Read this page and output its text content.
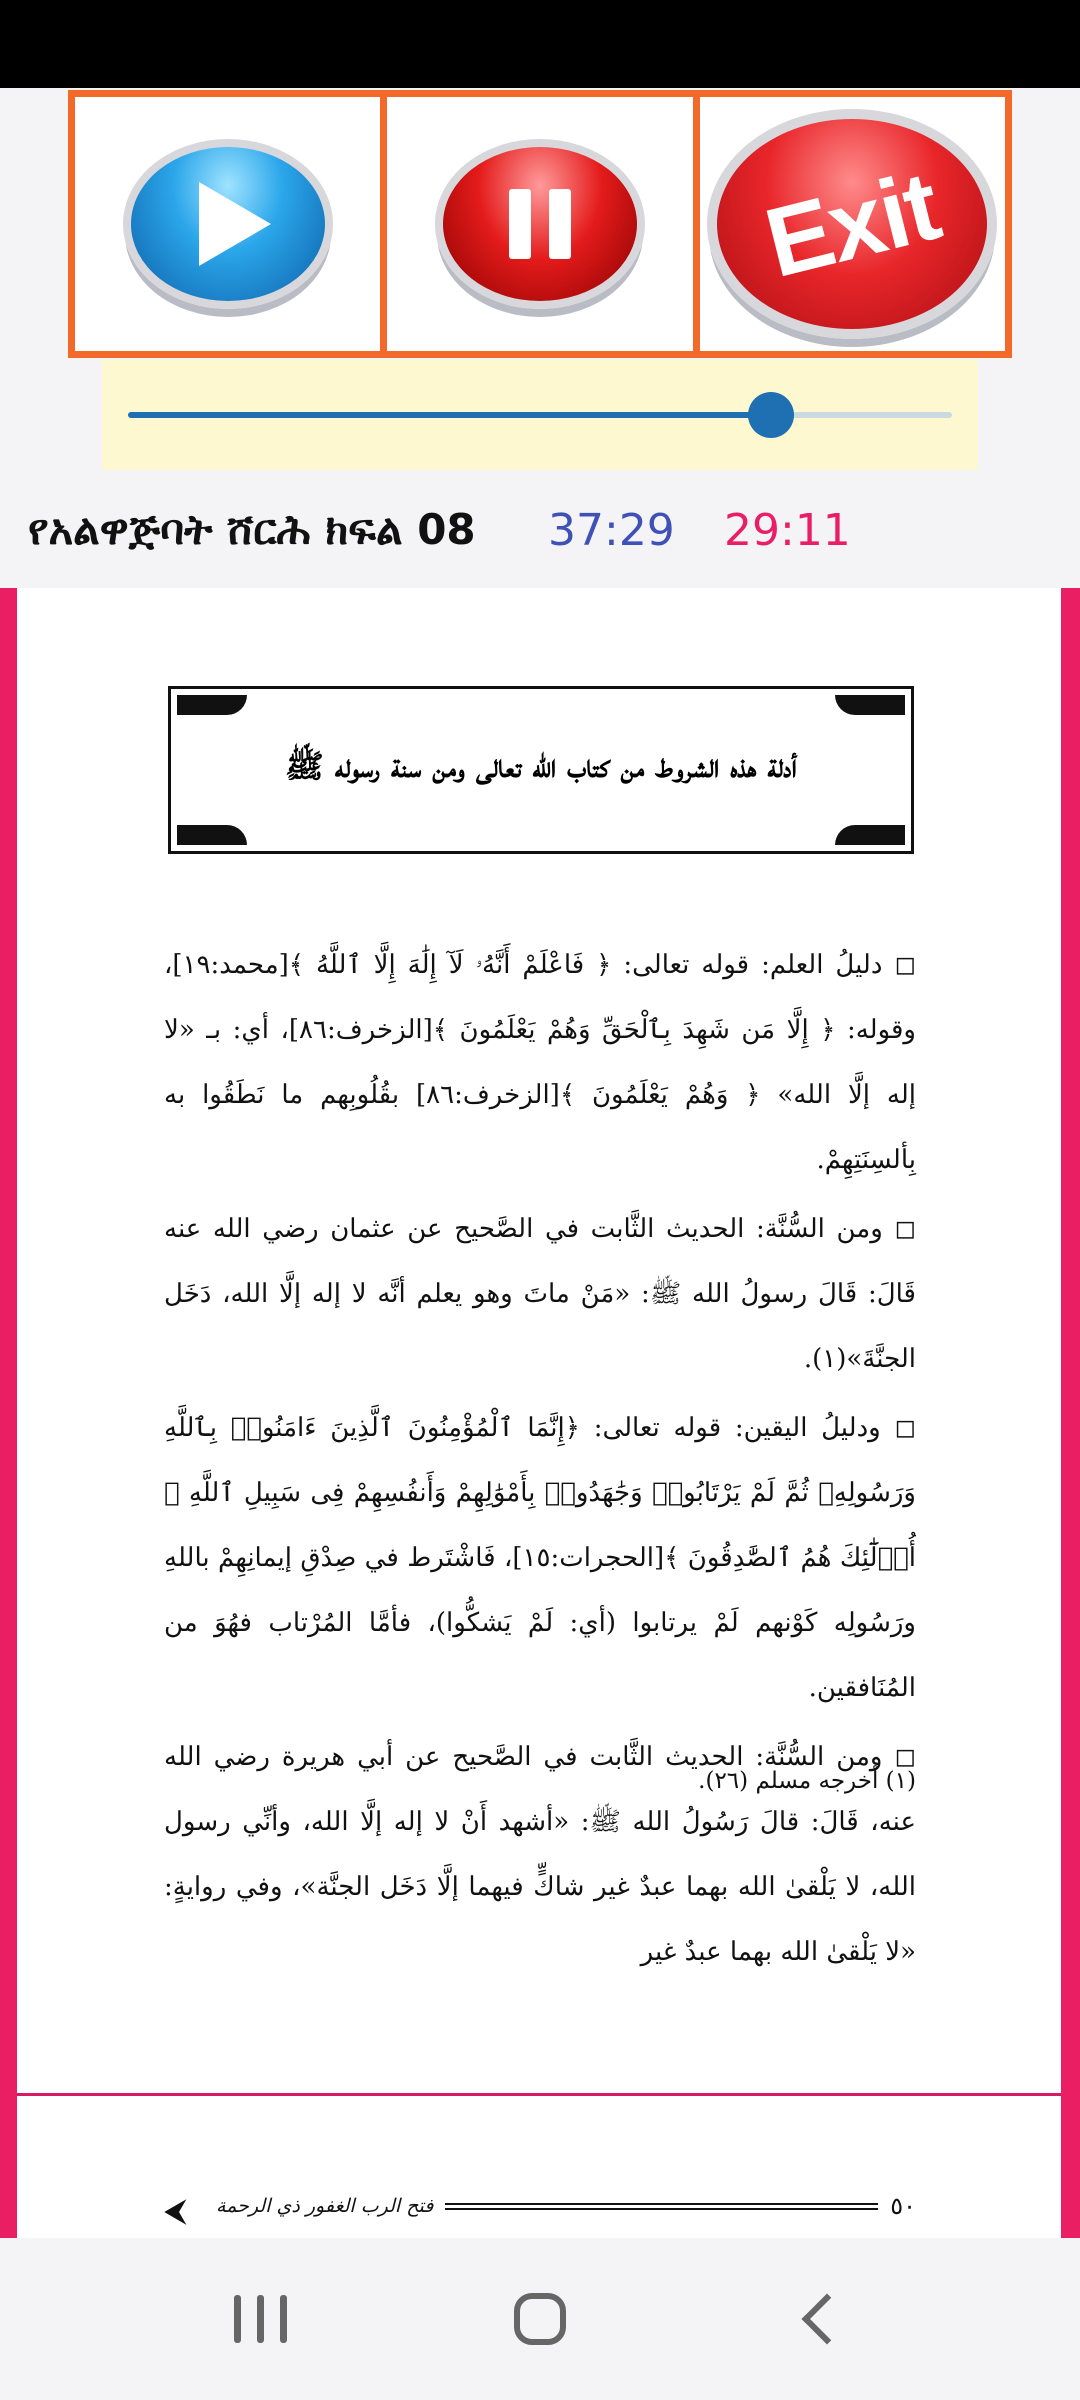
Exit
የአልዋጅባት ሸርሕ ክፍል 08 37:29 29:11
أدلة هذه الشروط من كتاب الله تعالى ومن سنة رسوله ﷺ

◻ دليلُ العلم: قوله تعالى: ﴿ فَاعْلَمْ أَنَّهُۥ لَآ إِلَٰهَ إِلَّا ٱللَّهُ ﴾[محمد:١٩]، وقوله: ﴿ إِلَّا مَن شَهِدَ بِٱلْحَقِّ وَهُمْ يَعْلَمُونَ ﴾[الزخرف:٨٦]، أي: بـ «لا إله إلَّا الله» ﴿ وَهُمْ يَعْلَمُونَ ﴾[الزخرف:٨٦] بقُلُوبِهم ما نَطَقُوا به بِألسِنَتِهِمْ.

◻ ومن السُّنَّة: الحديث الثَّابت في الصَّحيح عن عثمان رضي الله عنه قَالَ: قَالَ رسولُ الله ﷺ: «مَنْ ماتَ وهو يعلم أنَّه لا إله إلَّا الله، دَخَل الجنَّةَ»(١).

◻ ودليلُ اليقين: قوله تعالى: ﴿إِنَّمَا ٱلْمُؤْمِنُونَ ٱلَّذِينَ ءَامَنُوا۟ بِٱللَّهِ وَرَسُولِهِۦ ثُمَّ لَمْ يَرْتَابُوا۟ وَجَٰهَدُوا۟ بِأَمْوَٰلِهِمْ وَأَنفُسِهِمْ فِى سَبِيلِ ٱللَّهِ ۚ أُو۟لَٰٓئِكَ هُمُ ٱلصَّٰدِقُونَ ﴾[الحجرات:١٥]، فَاشْتَرط في صِدْقِ إيمانِهِمْ باللهِ ورَسُولِه كَوْنهم لَمْ يرتابوا (أي: لَمْ يَشكُّوا)، فأمَّا المُرْتاب فهُوَ من المُنَافقين.

◻ ومن السُّنَّة: الحديث الثَّابت في الصَّحيح عن أبي هريرة رضي الله عنه، قَالَ: قالَ رَسُولُ الله ﷺ: «أشهد أَنْ لا إله إلَّا الله، وأنِّي رسول الله، لا يَلْقىٰ الله بهما عبدٌ غير شاكٍّ فيهما إلَّا دَخَل الجنَّة»، وفي روايةٍ: «لا يَلْقىٰ الله بهما عبدٌ غير

(١) أخرجه مسلم (٢٦).
⮜ فتح الرب الغفور ذي الرحمة	٥٠
